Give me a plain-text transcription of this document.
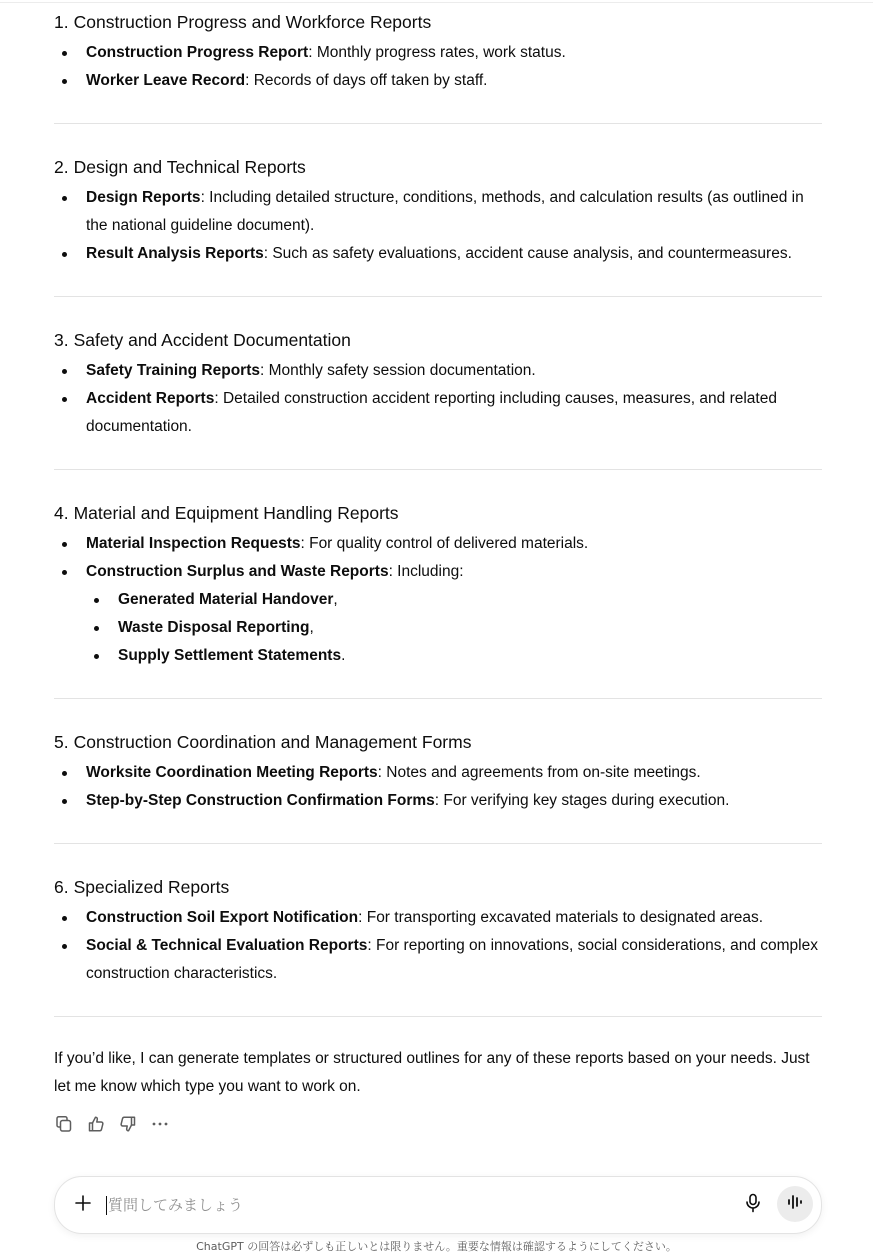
1. Construction Progress and Workforce Reports
Construction Progress Report: Monthly progress rates, work status.
Worker Leave Record: Records of days off taken by staff.
2. Design and Technical Reports
Design Reports: Including detailed structure, conditions, methods, and calculation results (as outlined in the national guideline document).
Result Analysis Reports: Such as safety evaluations, accident cause analysis, and countermeasures.
3. Safety and Accident Documentation
Safety Training Reports: Monthly safety session documentation.
Accident Reports: Detailed construction accident reporting including causes, measures, and related documentation.
4. Material and Equipment Handling Reports
Material Inspection Requests: For quality control of delivered materials.
Construction Surplus and Waste Reports: Including:
Generated Material Handover,
Waste Disposal Reporting,
Supply Settlement Statements.
5. Construction Coordination and Management Forms
Worksite Coordination Meeting Reports: Notes and agreements from on-site meetings.
Step-by-Step Construction Confirmation Forms: For verifying key stages during execution.
6. Specialized Reports
Construction Soil Export Notification: For transporting excavated materials to designated areas.
Social & Technical Evaluation Reports: For reporting on innovations, social considerations, and complex construction characteristics.
If you’d like, I can generate templates or structured outlines for any of these reports based on your needs. Just let me know which type you want to work on.
質問してみましょう
ChatGPT の回答は必ずしも正しいとは限りません。重要な情報は確認するようにしてください。
